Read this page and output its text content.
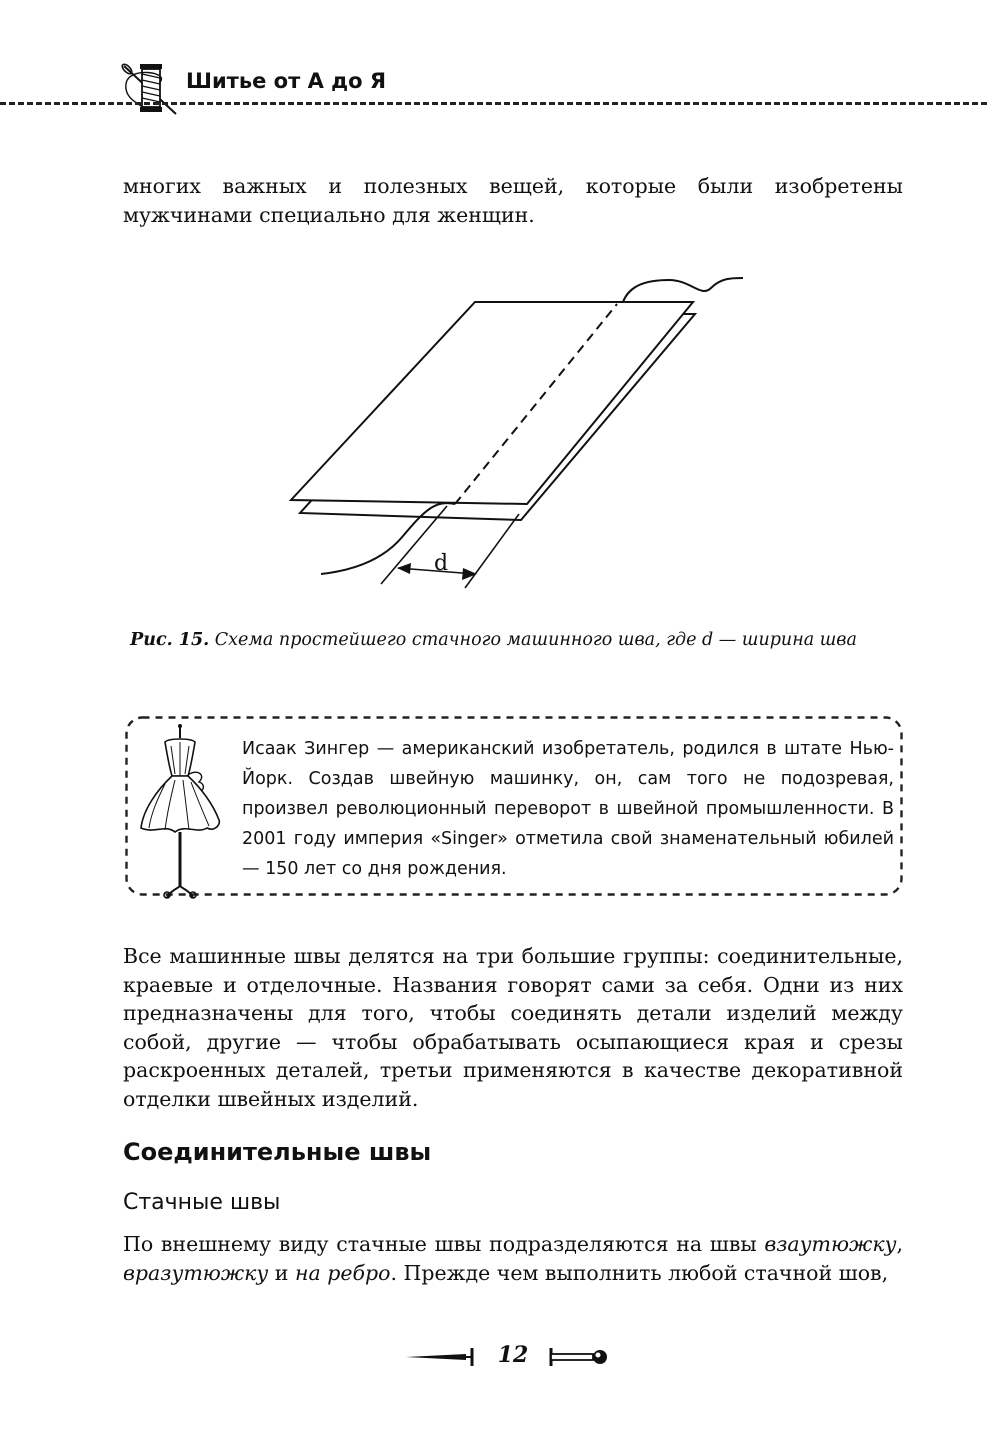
Шитье от А до Я

многих важных и полезных вещей, которые были изобретены мужчинами специально для женщин.

d
Рис. 15. Схема простейшего стачного машинного шва, где d — ширина шва

Исаак Зингер — американский изобретатель, родился в штате Нью-Йорк. Создав швейную машинку, он, сам того не подозревая, произвел революционный переворот в швейной промышленности. В 2001 году империя «Singer» отметила свой знаменательный юбилей — 150 лет со дня рождения.

Все машинные швы делятся на три большие группы: соединительные, краевые и отделочные. Названия говорят сами за себя. Одни из них предназначены для того, чтобы соединять детали изделий между собой, другие — чтобы обрабатывать осыпающиеся края и срезы раскроенных деталей, третьи применяются в качестве декоративной отделки швейных изделий.

Соединительные швы
Стачные швы

По внешнему виду стачные швы подразделяются на швы взаутюжку, вразутюжку и на ребро. Прежде чем выполнить любой стачной шов,

12
